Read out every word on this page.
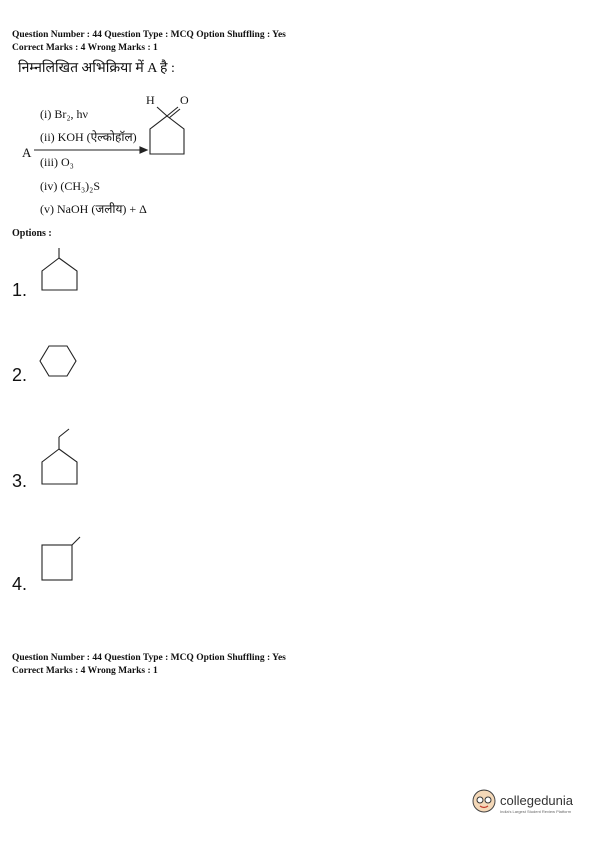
Question Number : 44 Question Type : MCQ Option Shuffling : Yes
Correct Marks : 4 Wrong Marks : 1
निम्नलिखित अभिक्रिया में A है :
A
(i) Br₂, hν
(ii) KOH (ऐल्कोहॉल)
(iii) O₃
(iv) (CH₃)₂S
(v) NaOH (जलीय) + Δ
H O
Options :
1.
2.
3.
4.
Question Number : 44 Question Type : MCQ Option Shuffling : Yes
Correct Marks : 4 Wrong Marks : 1
collegedunia
India's Largest Student Review Platform
